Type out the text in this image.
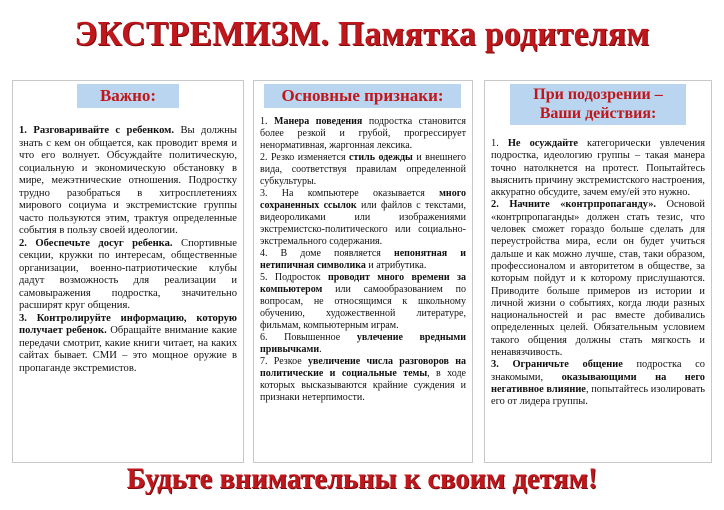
ЭКСТРЕМИЗМ. Памятка родителям
Важно:

1. Разговаривайте с ребенком. Вы должны знать с кем он общается, как проводит время и что его волнует. Обсуждайте политическую, социальную и экономическую обстановку в мире, межэтнические отношения. Подростку трудно разобраться в хитросплетениях мирового социума и экстремистские группы часто пользуются этим, трактуя определенные события в пользу своей идеологии.

2. Обеспечьте досуг ребенка. Спортивные секции, кружки по интересам, общественные организации, военно-патриотические клубы дадут возможность для реализации и самовыражения подростка, значительно расширят круг общения.

3. Контролируйте информацию, которую получает ребенок. Обращайте внимание какие передачи смотрит, какие книги читает, на каких сайтах бывает. СМИ – это мощное оружие в пропаганде экстремистов.

Основные признаки:

1. Манера поведения подростка становится более резкой и грубой, прогрессирует ненормативная, жаргонная лексика.

2. Резко изменяется стиль одежды и внешнего вида, соответствуя правилам определенной субкультуры.

3. На компьютере оказывается много сохраненных ссылок или файлов с текстами, видеороликами или изображениями экстремистско-политического или социально-экстремального содержания.

4. В доме появляется непонятная и нетипичная символика и атрибутика.

5. Подросток проводит много времени за компьютером или самообразованием по вопросам, не относящимся к школьному обучению, художественной литературе, фильмам, компьютерным играм.

6. Повышенное увлечение вредными привычками.

7. Резкое увеличение числа разговоров на политические и социальные темы, в ходе которых высказываются крайние суждения и признаки нетерпимости.

При подозрении –
Ваши действия:

1. Не осуждайте категорически увлечения подростка, идеологию группы – такая манера точно натолкнется на протест. Попытайтесь выяснить причину экстремистского настроения, аккуратно обсудите, зачем ему/ей это нужно.

2. Начните «контрпропаганду». Основой «контрпропаганды» должен стать тезис, что человек сможет гораздо больше сделать для переустройства мира, если он будет учиться дальше и как можно лучше, став, таки образом, профессионалом и авторитетом в обществе, за которым пойдут и к которому прислушаются. Приводите больше примеров из истории и личной жизни о событиях, когда люди разных национальностей и рас вместе добивались определенных целей. Обязательным условием такого общения должны стать мягкость и ненавязчивость.

3. Ограничьте общение подростка со знакомыми, оказывающими на него негативное влияние, попытайтесь изолировать его от лидера группы.

Будьте внимательны к своим детям!
